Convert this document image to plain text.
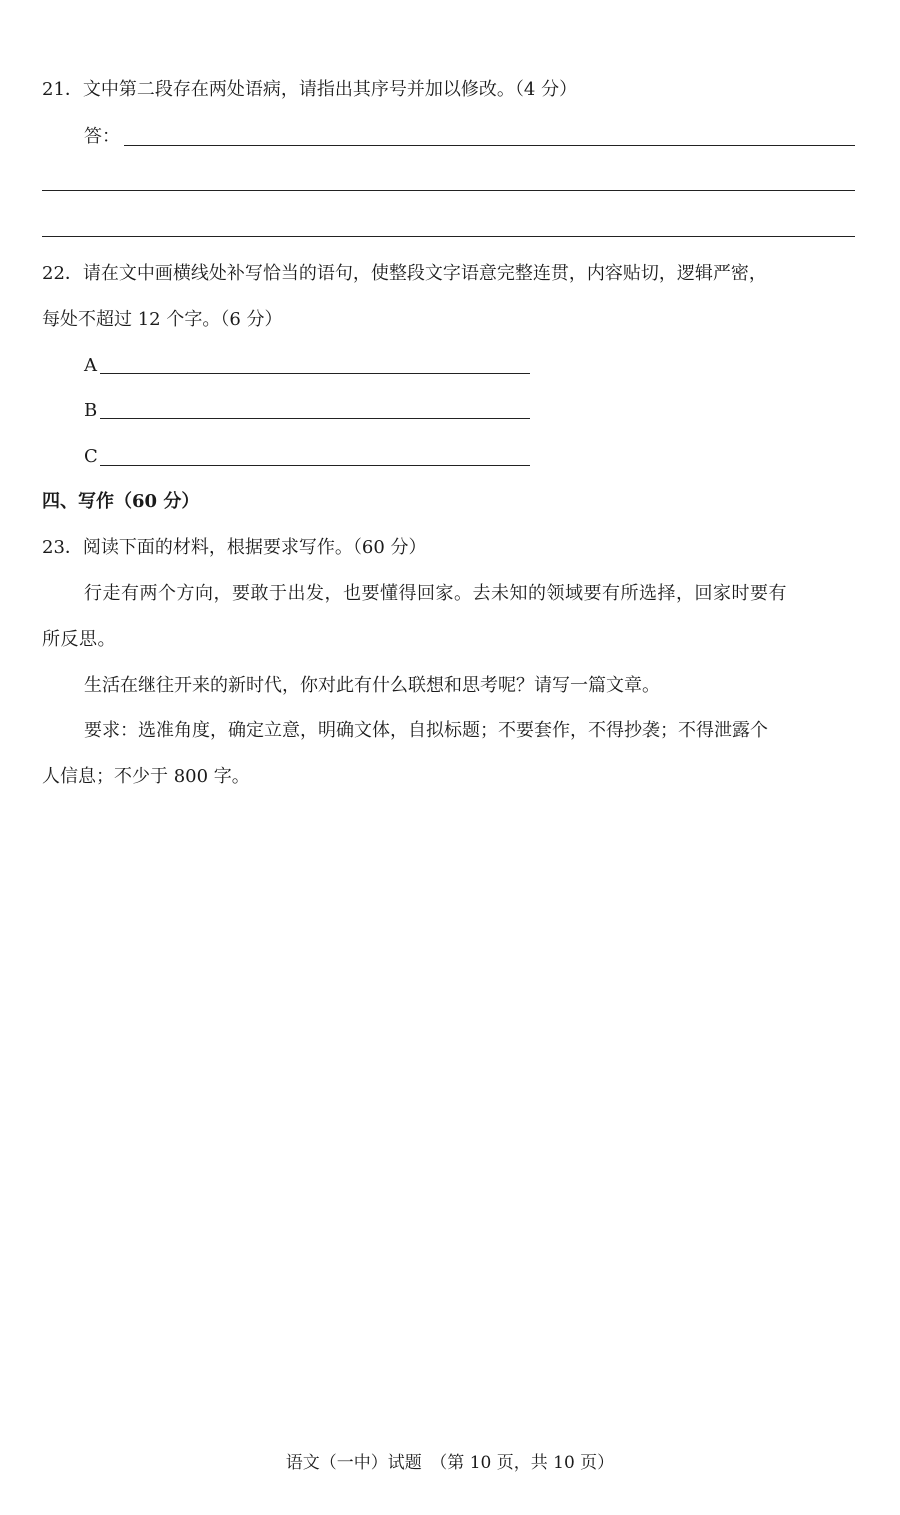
21．文中第二段存在两处语病，请指出其序号并加以修改。（4 分）
答：
22．请在文中画横线处补写恰当的语句，使整段文字语意完整连贯，内容贴切，逻辑严密，
每处不超过 12 个字。（6 分）
A
B
C
四、写作（60 分）
23．阅读下面的材料，根据要求写作。（60 分）
行走有两个方向，要敢于出发，也要懂得回家。去未知的领域要有所选择，回家时要有
所反思。
生活在继往开来的新时代，你对此有什么联想和思考呢？请写一篇文章。
要求：选准角度，确定立意，明确文体，自拟标题；不要套作，不得抄袭；不得泄露个
人信息；不少于 800 字。
语文（一中）试题　（第 10 页，共 10 页）
